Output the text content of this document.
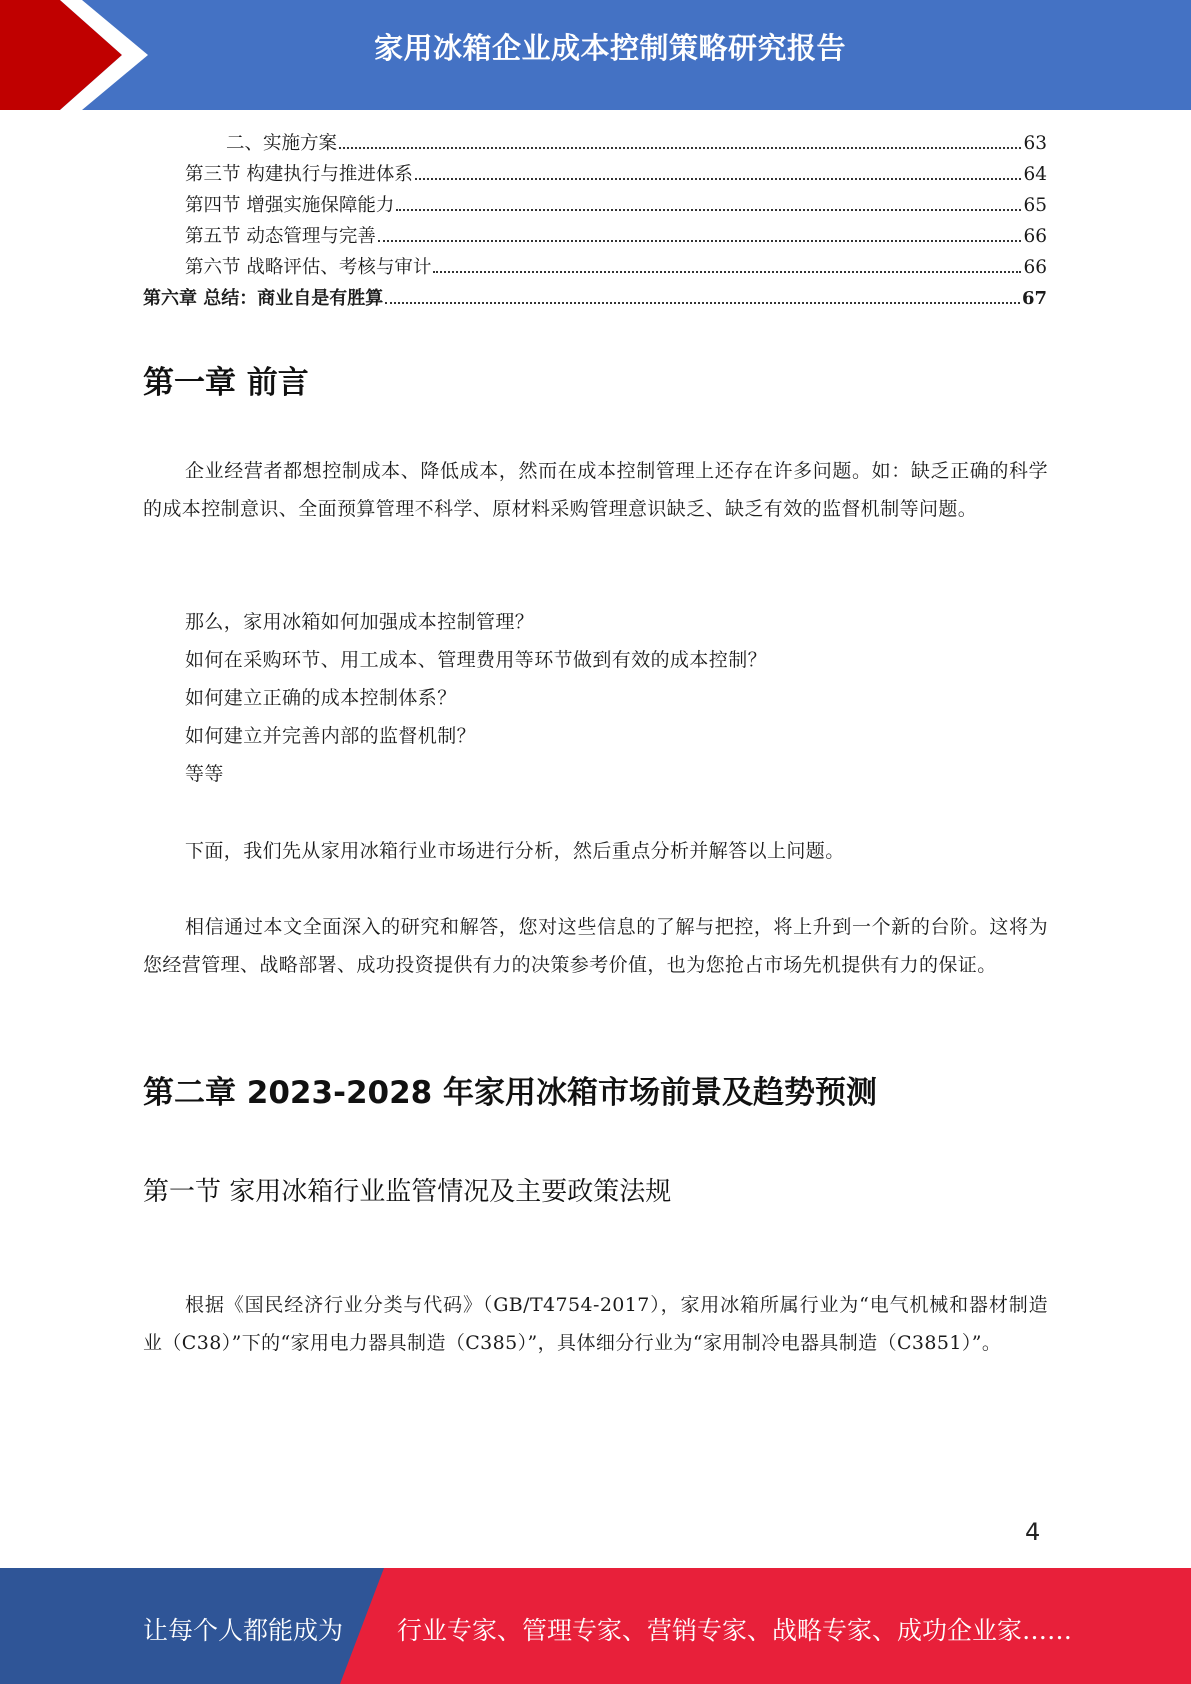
家用冰箱企业成本控制策略研究报告
二、实施方案	63
第三节 构建执行与推进体系	64
第四节 增强实施保障能力	65
第五节 动态管理与完善	66
第六节 战略评估、考核与审计	66
第六章 总结：商业自是有胜算	67
第一章 前言

企业经营者都想控制成本、降低成本，然而在成本控制管理上还存在许多问题。如：缺乏正确的科学的成本控制意识、全面预算管理不科学、原材料采购管理意识缺乏、缺乏有效的监督机制等问题。

那么，家用冰箱如何加强成本控制管理？
如何在采购环节、用工成本、管理费用等环节做到有效的成本控制？
如何建立正确的成本控制体系？
如何建立并完善内部的监督机制？
等等

下面，我们先从家用冰箱行业市场进行分析，然后重点分析并解答以上问题。

相信通过本文全面深入的研究和解答，您对这些信息的了解与把控，将上升到一个新的台阶。这将为您经营管理、战略部署、成功投资提供有力的决策参考价值，也为您抢占市场先机提供有力的保证。

第二章 2023-2028 年家用冰箱市场前景及趋势预测
第一节 家用冰箱行业监管情况及主要政策法规

根据《国民经济行业分类与代码》（GB/T4754-2017），家用冰箱所属行业为“电气机械和器材制造业（C38）”下的“家用电力器具制造（C385）”，具体细分行业为“家用制冷电器具制造（C3851）”。

4
让每个人都能成为 行业专家、管理专家、营销专家、战略专家、成功企业家……
